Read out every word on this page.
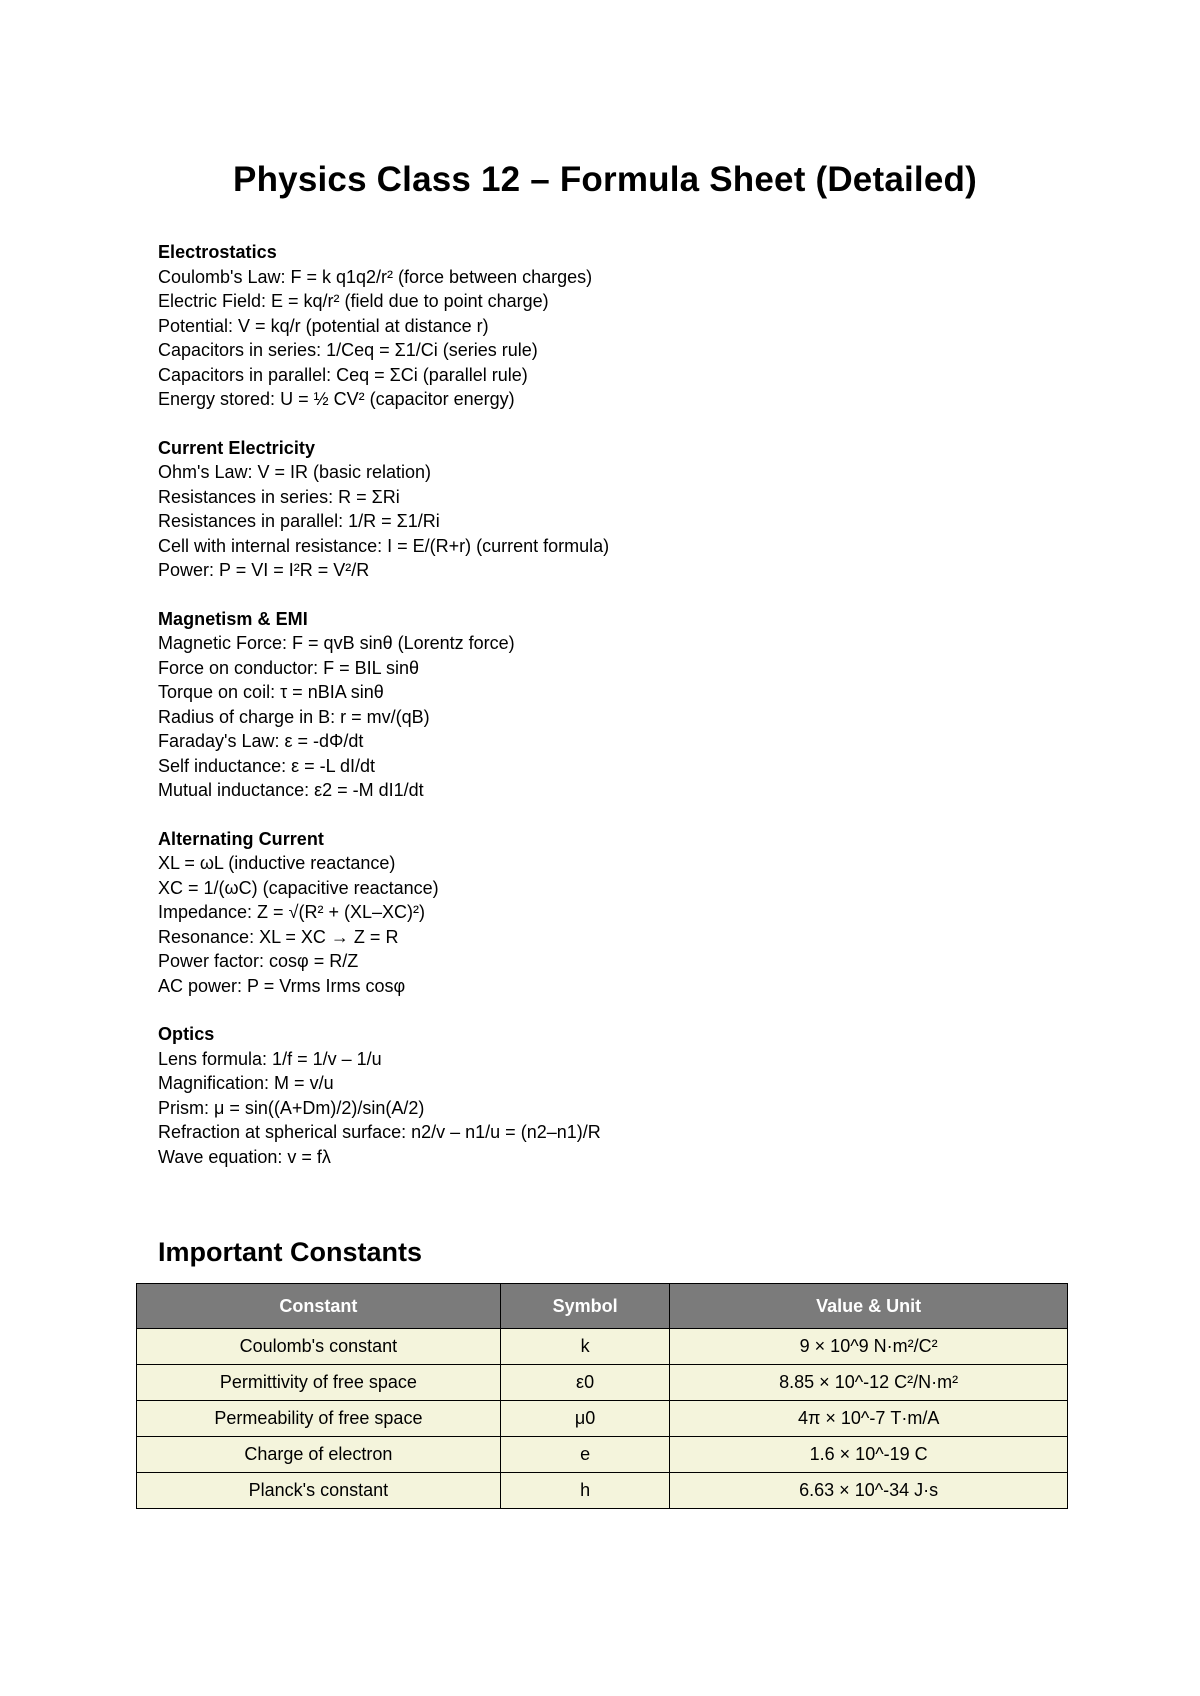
Physics Class 12 – Formula Sheet (Detailed)
Electrostatics
Coulomb's Law: F = k q1q2/r² (force between charges)
Electric Field: E = kq/r² (field due to point charge)
Potential: V = kq/r (potential at distance r)
Capacitors in series: 1/Ceq = Σ1/Ci (series rule)
Capacitors in parallel: Ceq = ΣCi (parallel rule)
Energy stored: U = ½ CV² (capacitor energy)
Current Electricity
Ohm's Law: V = IR (basic relation)
Resistances in series: R = ΣRi
Resistances in parallel: 1/R = Σ1/Ri
Cell with internal resistance: I = E/(R+r) (current formula)
Power: P = VI = I²R = V²/R
Magnetism & EMI
Magnetic Force: F = qvB sinθ (Lorentz force)
Force on conductor: F = BIL sinθ
Torque on coil: τ = nBIA sinθ
Radius of charge in B: r = mv/(qB)
Faraday's Law: ε = -dΦ/dt
Self inductance: ε = -L dI/dt
Mutual inductance: ε2 = -M dI1/dt
Alternating Current
XL = ωL (inductive reactance)
XC = 1/(ωC) (capacitive reactance)
Impedance: Z = √(R² + (XL–XC)²)
Resonance: XL = XC → Z = R
Power factor: cosφ = R/Z
AC power: P = Vrms Irms cosφ
Optics
Lens formula: 1/f = 1/v – 1/u
Magnification: M = v/u
Prism: μ = sin((A+Dm)/2)/sin(A/2)
Refraction at spherical surface: n2/v – n1/u = (n2–n1)/R
Wave equation: v = fλ
Important Constants
Constant	Symbol	Value & Unit
Coulomb's constant	k	9 × 10^9 N·m²/C²
Permittivity of free space	ε0	8.85 × 10^-12 C²/N·m²
Permeability of free space	μ0	4π × 10^-7 T·m/A
Charge of electron	e	1.6 × 10^-19 C
Planck's constant	h	6.63 × 10^-34 J·s
